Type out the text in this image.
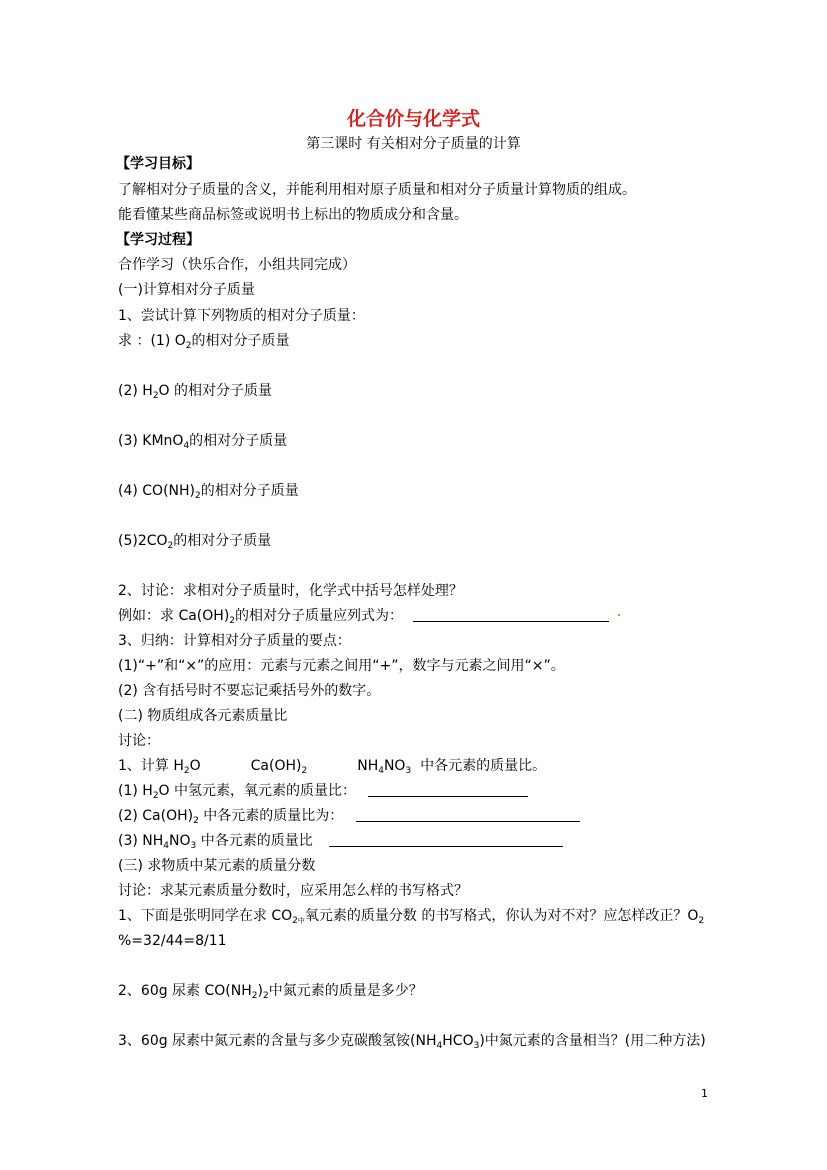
化合价与化学式
第三课时 有关相对分子质量的计算
【学习目标】
了解相对分子质量的含义，并能利用相对原子质量和相对分子质量计算物质的组成。
能看懂某些商品标签或说明书上标出的物质成分和含量。
【学习过程】
合作学习（快乐合作，小组共同完成）
(一)计算相对分子质量
1、尝试计算下列物质的相对分子质量：
求 ：(1) $O_2$的相对分子质量
(2) $H_2O$ 的相对分子质量
(3) KMnO$_4$的相对分子质量
(4) $CO(NH)_2$的相对分子质量
$(5)2CO_2$的相对分子质量
2、讨论：求相对分子质量时，化学式中括号怎样处理？
例如：求 $Ca(OH)_2$的相对分子质量应列式为：
3、归纳：计算相对分子质量的要点：
(1)“+”和“×”的应用：元素与元素之间用“+”，数字与元素之间用“×”。
(2) 含有括号时不要忘记乘括号外的数字。
(二) 物质组成各元素质量比
讨论：
1、计算 $H_2O$	$Ca(OH)_2$	$NH_4NO_3$ 中各元素的质量比。
(1) $H_2O$ 中氢元素，氧元素的质量比：
(2) $Ca(OH)_2$ 中各元素的质量比为：
(3) $NH_4NO_3$ 中各元素的质量比
(三) 求物质中某元素的质量分数
讨论：求某元素质量分数时，应采用怎么样的书写格式？
1、下面是张明同学在求 $CO_{2中}$氧元素的质量分数 的书写格式，你认为对不对？应怎样改正？$O_2$
%=32/44=8/11
2、60g 尿素 $CO(NH_2)_2$中氮元素的质量是多少？
3、60g 尿素中氮元素的含量与多少克碳酸氢铵$(NH_4HCO_3)$中氮元素的含量相当？(用二种方法)
1
